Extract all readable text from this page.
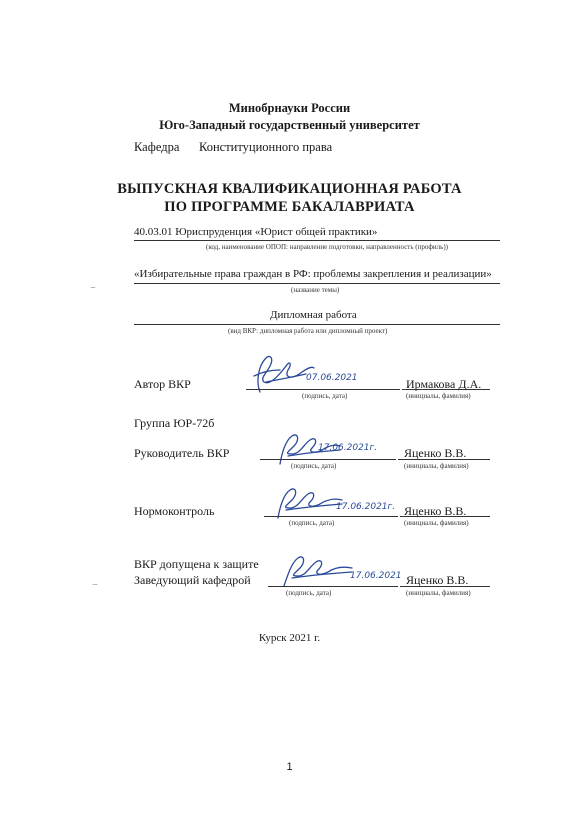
Минобрнауки России
Юго-Западный государственный университет
Кафедра Конституционного права
ВЫПУСКНАЯ КВАЛИФИКАЦИОННАЯ РАБОТА
ПО ПРОГРАММЕ БАКАЛАВРИАТА
40.03.01 Юриспруденция «Юрист общей практики»
(код, наименование ОПОП: направление подготовки, направленность (профиль))
«Избирательные права граждан в РФ: проблемы закрепления и реализации»
(название темы)
Дипломная работа
(вид ВКР: дипломная работа или дипломный проект)
Автор ВКР	07.06.2021
(подпись, дата)
Ирмакова Д.А.
(инициалы, фамилия)
Группа ЮР-72б
Руководитель ВКР	17.06.2021г.
(подпись, дата)
Яценко В.В.
(инициалы, фамилия)
Нормоконтроль	17.06.2021г.
(подпись, дата)
Яценко В.В.
(инициалы, фамилия)
ВКР допущена к защите
Заведующий кафедрой	17.06.2021
(подпись, дата)
Яценко В.В.
(инициалы, фамилия)
Курск 2021 г.
1
⌣
⌣
